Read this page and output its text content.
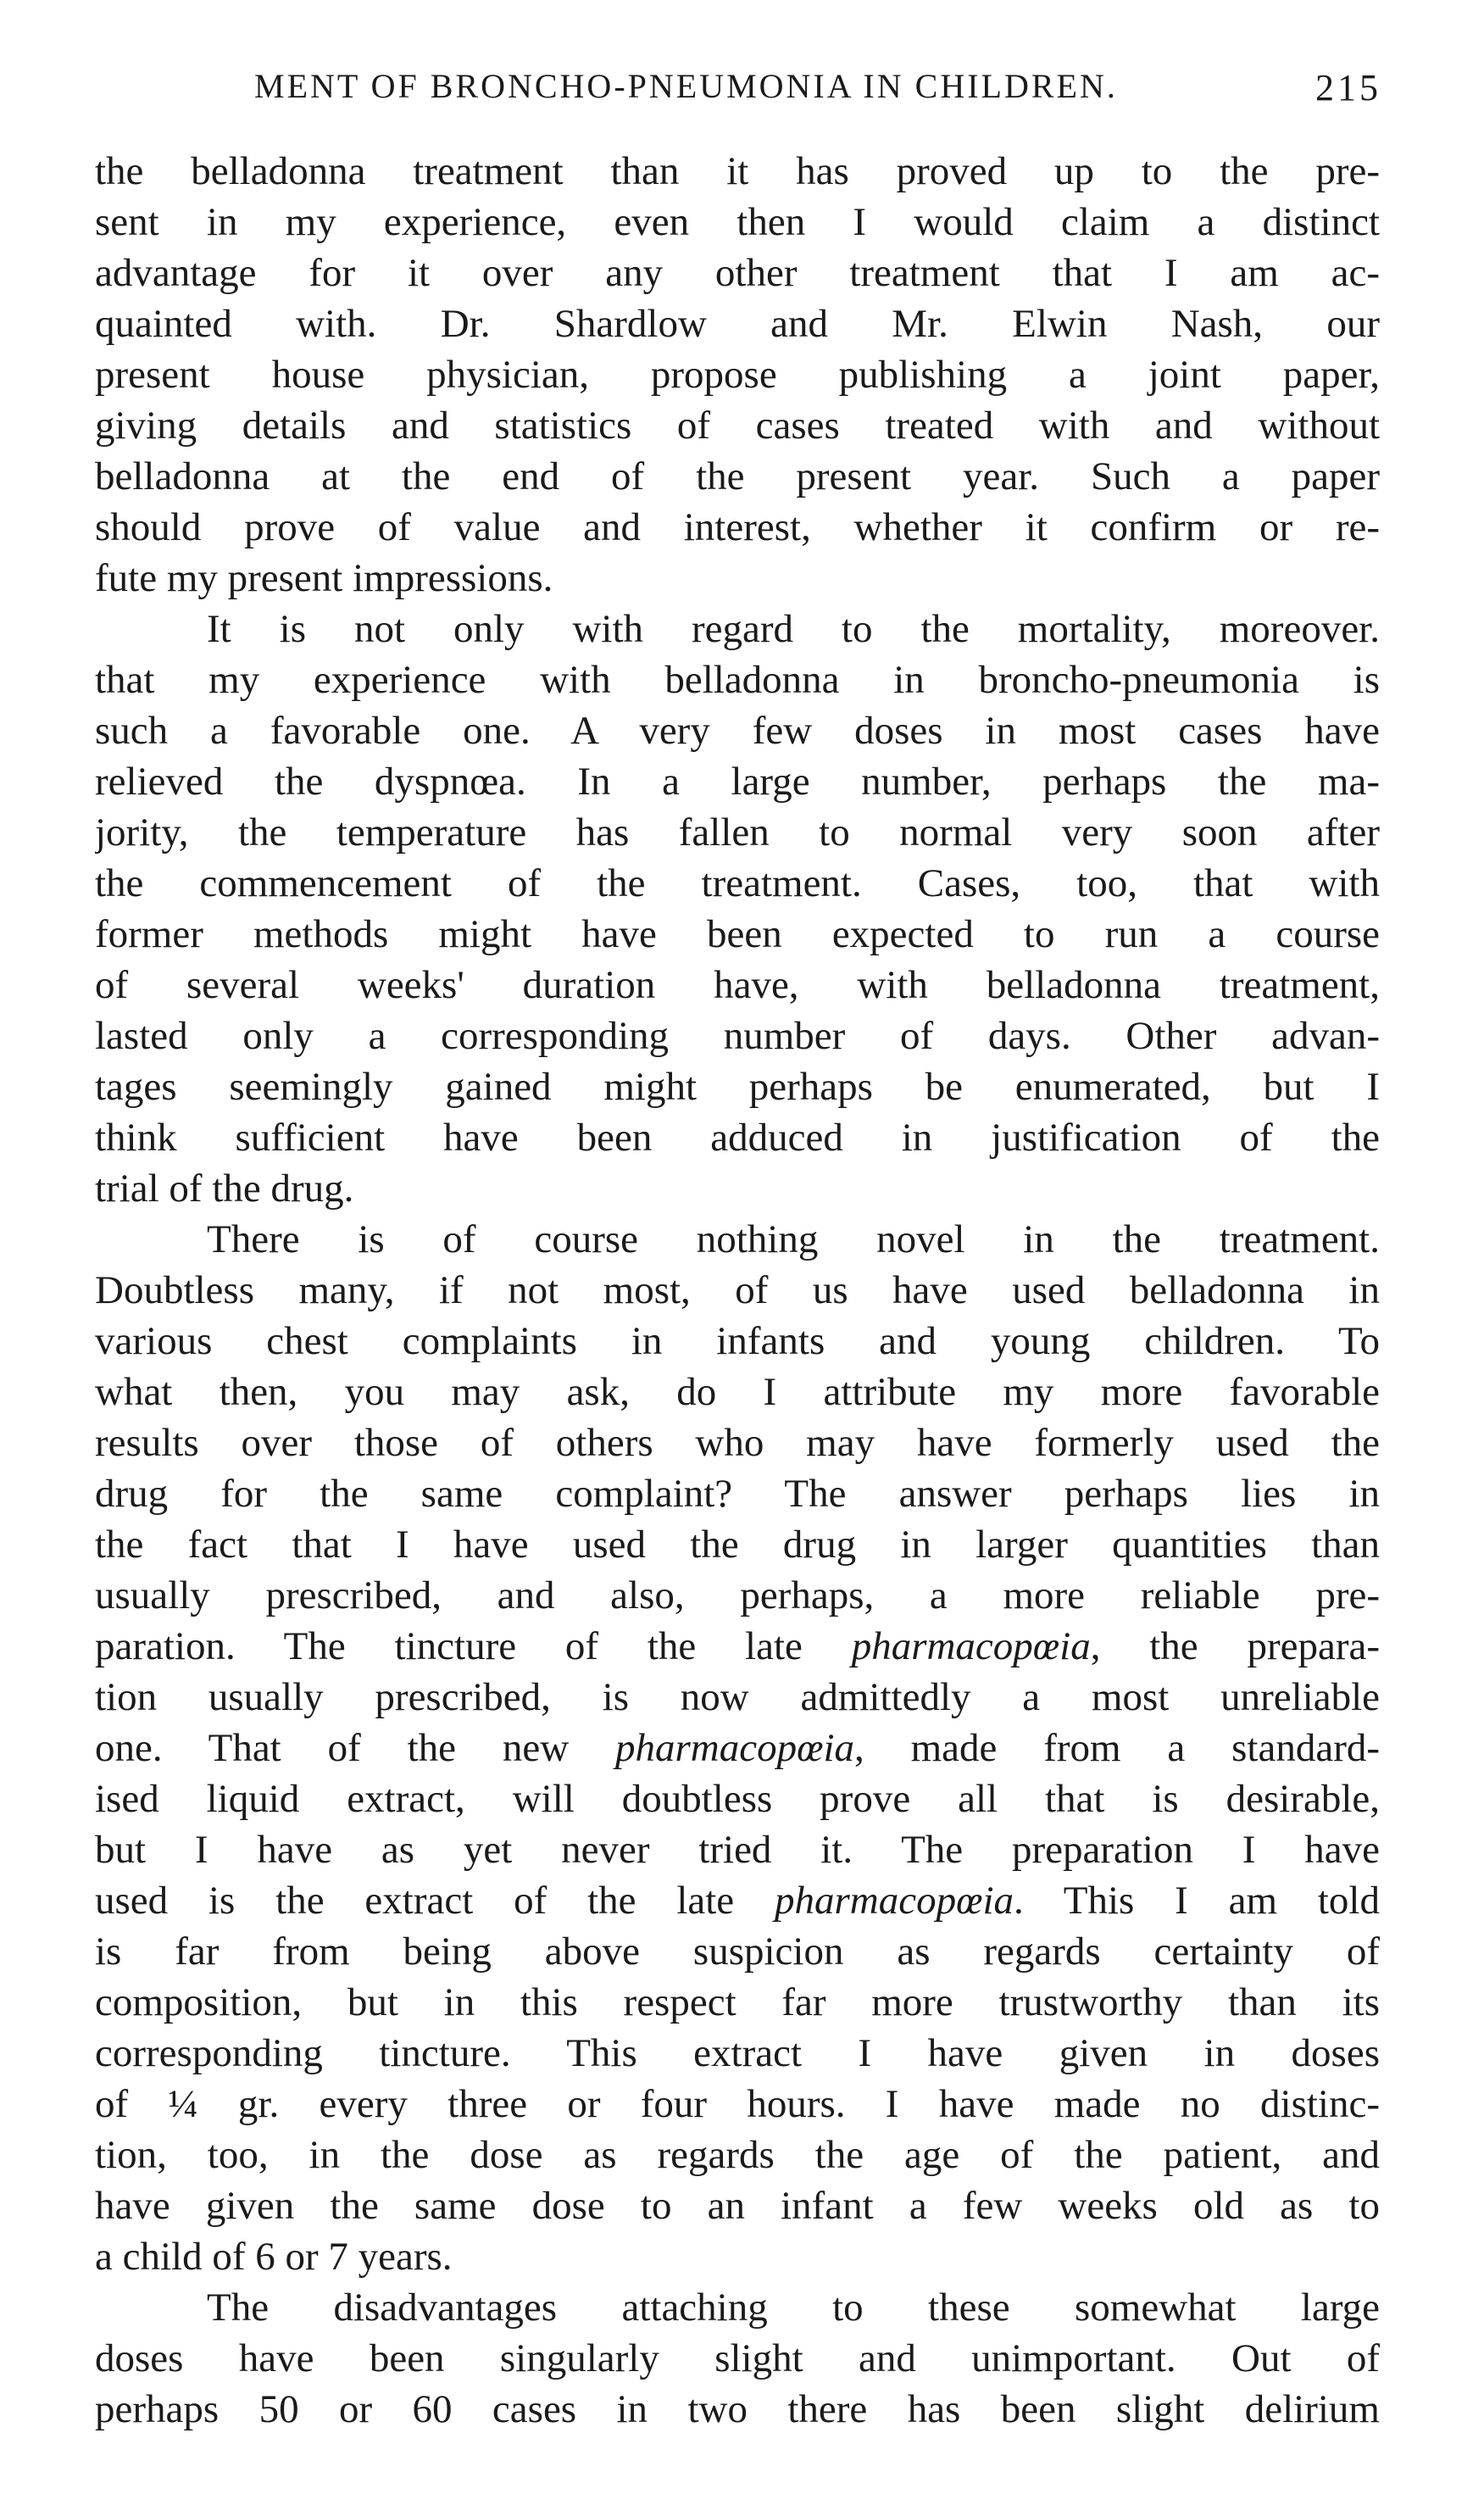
MENT OF BRONCHO-PNEUMONIA IN CHILDREN.	215
the belladonna treatment than it has proved up to the pre-
sent in my experience, even then I would claim a distinct
advantage for it over any other treatment that I am ac-
quainted with. Dr. Shardlow and Mr. Elwin Nash, our
present house physician, propose publishing a joint paper,
giving details and statistics of cases treated with and without
belladonna at the end of the present year. Such a paper
should prove of value and interest, whether it confirm or re-
fute my present impressions.
It is not only with regard to the mortality, moreover.
that my experience with belladonna in broncho-pneumonia is
such a favorable one. A very few doses in most cases have
relieved the dyspnœa. In a large number, perhaps the ma-
jority, the temperature has fallen to normal very soon after
the commencement of the treatment. Cases, too, that with
former methods might have been expected to run a course
of several weeks' duration have, with belladonna treatment,
lasted only a corresponding number of days. Other advan-
tages seemingly gained might perhaps be enumerated, but I
think sufficient have been adduced in justification of the
trial of the drug.
There is of course nothing novel in the treatment.
Doubtless many, if not most, of us have used belladonna in
various chest complaints in infants and young children. To
what then, you may ask, do I attribute my more favorable
results over those of others who may have formerly used the
drug for the same complaint? The answer perhaps lies in
the fact that I have used the drug in larger quantities than
usually prescribed, and also, perhaps, a more reliable pre-
paration. The tincture of the late pharmacopœia, the prepara-
tion usually prescribed, is now admittedly a most unreliable
one. That of the new pharmacopœia, made from a standard-
ised liquid extract, will doubtless prove all that is desirable,
but I have as yet never tried it. The preparation I have
used is the extract of the late pharmacopœia. This I am told
is far from being above suspicion as regards certainty of
composition, but in this respect far more trustworthy than its
corresponding tincture. This extract I have given in doses
of ¼ gr. every three or four hours. I have made no distinc-
tion, too, in the dose as regards the age of the patient, and
have given the same dose to an infant a few weeks old as to
a child of 6 or 7 years.
The disadvantages attaching to these somewhat large
doses have been singularly slight and unimportant. Out of
perhaps 50 or 60 cases in two there has been slight delirium
